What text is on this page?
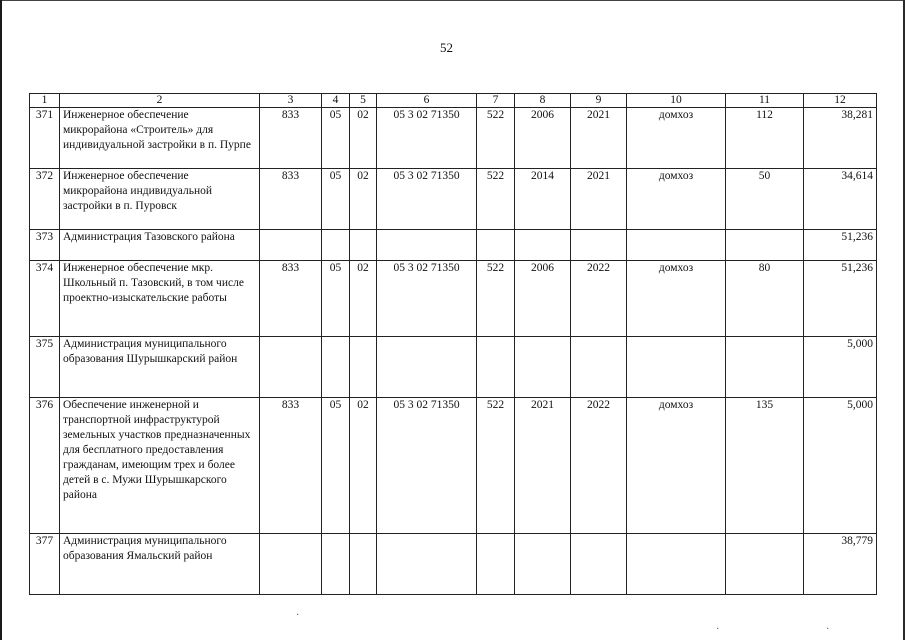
52
1	2	3	4	5	6	7	8	9	10	11	12
371	Инженерное обеспечение микрорайона «Строитель» для индивидуальной застройки в п. Пурпе	833	05	02	05 3 02 71350	522	2006	2021	домхоз	112	38,281
372	Инженерное обеспечение микрорайона индивидуальной застройки в п. Пуровск	833	05	02	05 3 02 71350	522	2014	2021	домхоз	50	34,614
373	Администрация Тазовского района										51,236
374	Инженерное обеспечение мкр. Школьный п. Тазовский, в том числе проектно-изыскательские работы	833	05	02	05 3 02 71350	522	2006	2022	домхоз	80	51,236
375	Администрация муниципального образования Шурышкарский район										5,000
376	Обеспечение инженерной и транспортной инфраструктурой земельных участков предназначенных для бесплатного предоставления гражданам, имеющим трех и более детей в с. Мужи Шурышкарского района	833	05	02	05 3 02 71350	522	2021	2022	домхоз	135	5,000
377	Администрация муниципального образования Ямальский район										38,779
·
·	·
